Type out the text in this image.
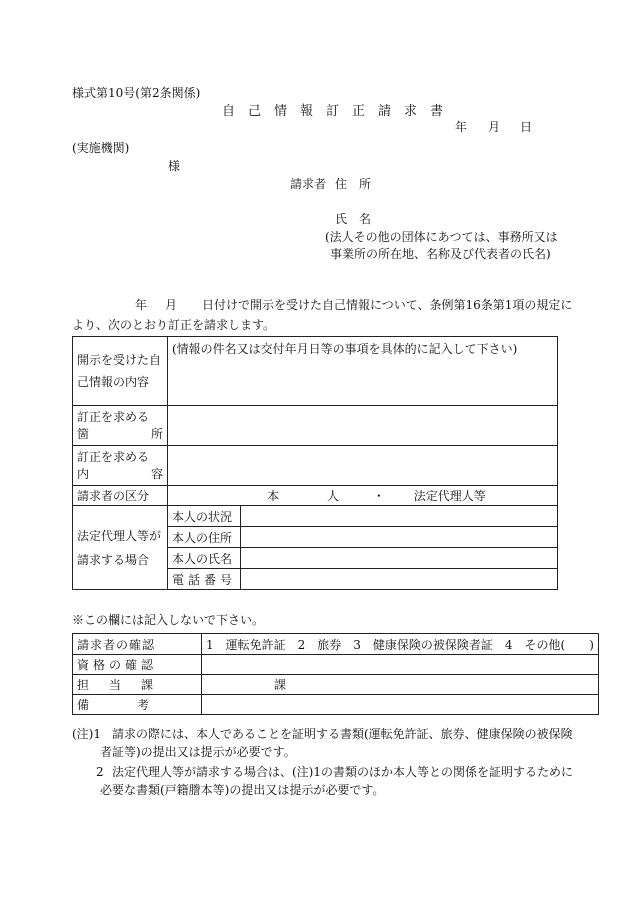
様式第10号(第2条関係)
自　己　情　報　訂　正　請　求　書
年 月 日
(実施機関)
様
請求者 住　所
氏　名
(法人その他の団体にあつては、事務所又は
事業所の所在地、名称及び代表者の氏名)
年 月 日付けで開示を受けた自己情報について、条例第16条第1項の規定に
より、次のとおり訂正を請求します。
開示を受けた自
己情報の内容	(情報の件名又は交付年月日等の事項を具体的に記入して下さい)	

訂正を求める
箇 所		

訂正を求める
内 容		

請求者の区分	本　　　　人 ・ 法定代理人等	

法定代理人等が
請求する場合	本人の状況	
	本人の住所	
	本人の氏名	
	電話番号	
※この欄には記入しないで下さい。
請求者の確認	1　運転免許証　2　旅券　3　健康保険の被保険者証　4　その他(　　)
資格の確認	
担当課	課
備考	
(注)1 請求の際には、本人であることを証明する書類(運転免許証、旅券、健康保険の被保険
者証等)の提出又は提示が必要です。
2 法定代理人等が請求する場合は、(注)1の書類のほか本人等との関係を証明するために
必要な書類(戸籍謄本等)の提出又は提示が必要です。
